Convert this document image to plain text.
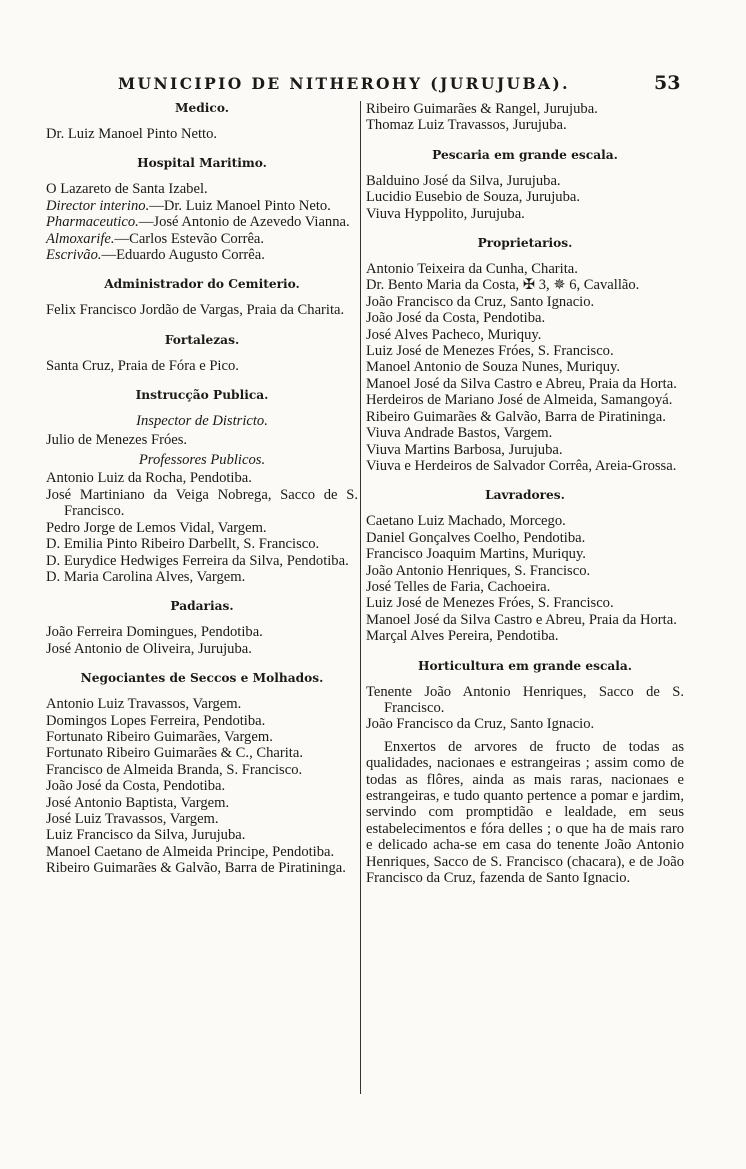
MUNICIPIO DE NITHEROHY (JURUJUBA).	53
Medico.
Dr. Luiz Manoel Pinto Netto.
Hospital Maritimo.
O Lazareto de Santa Izabel.
Director interino.—Dr. Luiz Manoel Pinto Neto.
Pharmaceutico.—José Antonio de Azevedo Vianna.
Almoxarife.—Carlos Estevão Corrêa.
Escrivão.—Eduardo Augusto Corrêa.
Administrador do Cemiterio.
Felix Francisco Jordão de Vargas, Praia da Charita.
Fortalezas.
Santa Cruz, Praia de Fóra e Pico.
Instrucção Publica.
Inspector de Districto.
Julio de Menezes Fróes.
Professores Publicos.
Antonio Luiz da Rocha, Pendotiba.
José Martiniano da Veiga Nobrega, Sacco de S. Francisco.
Pedro Jorge de Lemos Vidal, Vargem.
D. Emilia Pinto Ribeiro Darbellt, S. Francisco.
D. Eurydice Hedwiges Ferreira da Silva, Pendotiba.
D. Maria Carolina Alves, Vargem.
Padarias.
João Ferreira Domingues, Pendotiba.
José Antonio de Oliveira, Jurujuba.
Negociantes de Seccos e Molhados.
Antonio Luiz Travassos, Vargem.
Domingos Lopes Ferreira, Pendotiba.
Fortunato Ribeiro Guimarães, Vargem.
Fortunato Ribeiro Guimarães & C., Charita.
Francisco de Almeida Branda, S. Francisco.
João José da Costa, Pendotiba.
José Antonio Baptista, Vargem.
José Luiz Travassos, Vargem.
Luiz Francisco da Silva, Jurujuba.
Manoel Caetano de Almeida Principe, Pendotiba.
Ribeiro Guimarães & Galvão, Barra de Piratininga.
Ribeiro Guimarães & Rangel, Jurujuba.
Thomaz Luiz Travassos, Jurujuba.
Pescaria em grande escala.
Balduino José da Silva, Jurujuba.
Lucidio Eusebio de Souza, Jurujuba.
Viuva Hyppolito, Jurujuba.
Proprietarios.
Antonio Teixeira da Cunha, Charita.
Dr. Bento Maria da Costa, ✠ 3, ✵ 6, Cavallão.
João Francisco da Cruz, Santo Ignacio.
João José da Costa, Pendotiba.
José Alves Pacheco, Muriquy.
Luiz José de Menezes Fróes, S. Francisco.
Manoel Antonio de Souza Nunes, Muriquy.
Manoel José da Silva Castro e Abreu, Praia da Horta.
Herdeiros de Mariano José de Almeida, Samangoyá.
Ribeiro Guimarães & Galvão, Barra de Piratininga.
Viuva Andrade Bastos, Vargem.
Viuva Martins Barbosa, Jurujuba.
Viuva e Herdeiros de Salvador Corrêa, Areia-Grossa.
Lavradores.
Caetano Luiz Machado, Morcego.
Daniel Gonçalves Coelho, Pendotiba.
Francisco Joaquim Martins, Muriquy.
João Antonio Henriques, S. Francisco.
José Telles de Faria, Cachoeira.
Luiz José de Menezes Fróes, S. Francisco.
Manoel José da Silva Castro e Abreu, Praia da Horta.
Marçal Alves Pereira, Pendotiba.
Horticultura em grande escala.
Tenente João Antonio Henriques, Sacco de S. Francisco.
João Francisco da Cruz, Santo Ignacio.
Enxertos de arvores de fructo de todas as qualidades, nacionaes e estrangeiras ; assim como de todas as flôres, ainda as mais raras, nacionaes e estrangeiras, e tudo quanto pertence a pomar e jardim, servindo com promptidão e lealdade, em seus estabelecimentos e fóra delles ; o que ha de mais raro e delicado acha-se em casa do tenente João Antonio Henriques, Sacco de S. Francisco (chacara), e de João Francisco da Cruz, fazenda de Santo Ignacio.
